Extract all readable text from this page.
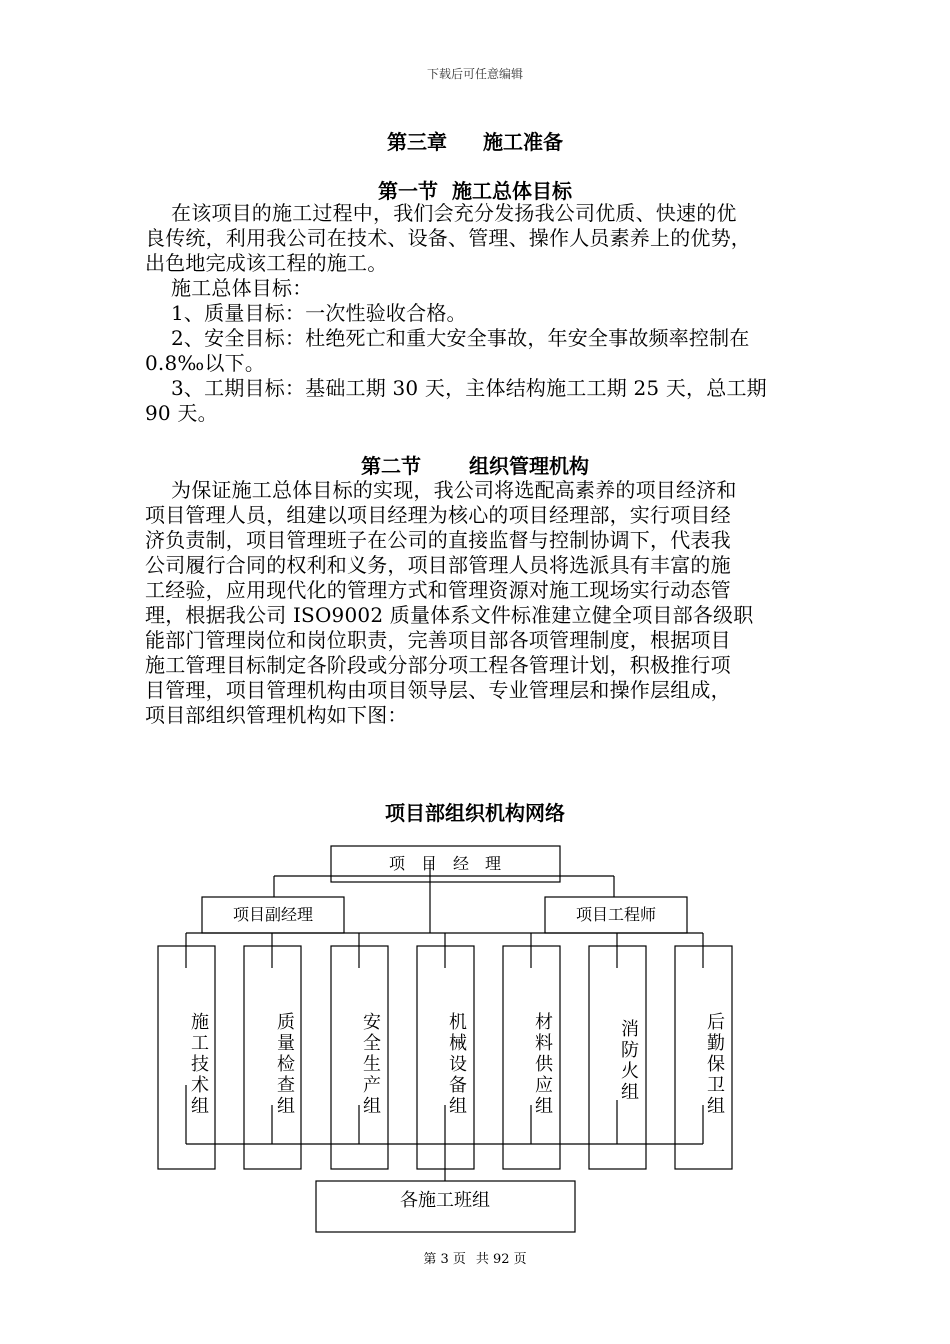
下载后可任意编辑
第三章 施工准备
第一节 施工总体目标
在该项目的施工过程中，我们会充分发扬我公司优质、快速的优
良传统，利用我公司在技术、设备、管理、操作人员素养上的优势，
出色地完成该工程的施工。
施工总体目标：
1、质量目标：一次性验收合格。
2、安全目标：杜绝死亡和重大安全事故，年安全事故频率控制在
0.8‰以下。
3、工期目标：基础工期 30 天，主体结构施工工期 25 天，总工期
90 天。
第二节 组织管理机构
为保证施工总体目标的实现，我公司将选配高素养的项目经济和
项目管理人员，组建以项目经理为核心的项目经理部，实行项目经
济负责制，项目管理班子在公司的直接监督与控制协调下，代表我
公司履行合同的权利和义务，项目部管理人员将选派具有丰富的施
工经验，应用现代化的管理方式和管理资源对施工现场实行动态管
理，根据我公司 ISO9002 质量体系文件标准建立健全项目部各级职
能部门管理岗位和岗位职责，完善项目部各项管理制度，根据项目
施工管理目标制定各阶段或分部分项工程各管理计划，积极推行项
目管理，项目管理机构由项目领导层、专业管理层和操作层组成，
项目部组织管理机构如下图：
项目部组织机构网络
项　目　经　理
项目副经理	项目工程师
各施工班组
施工技术组
质量检查组
安全生产组
机械设备组
材料供应组
消防火组
后勤保卫组
第 3 页 共 92 页
